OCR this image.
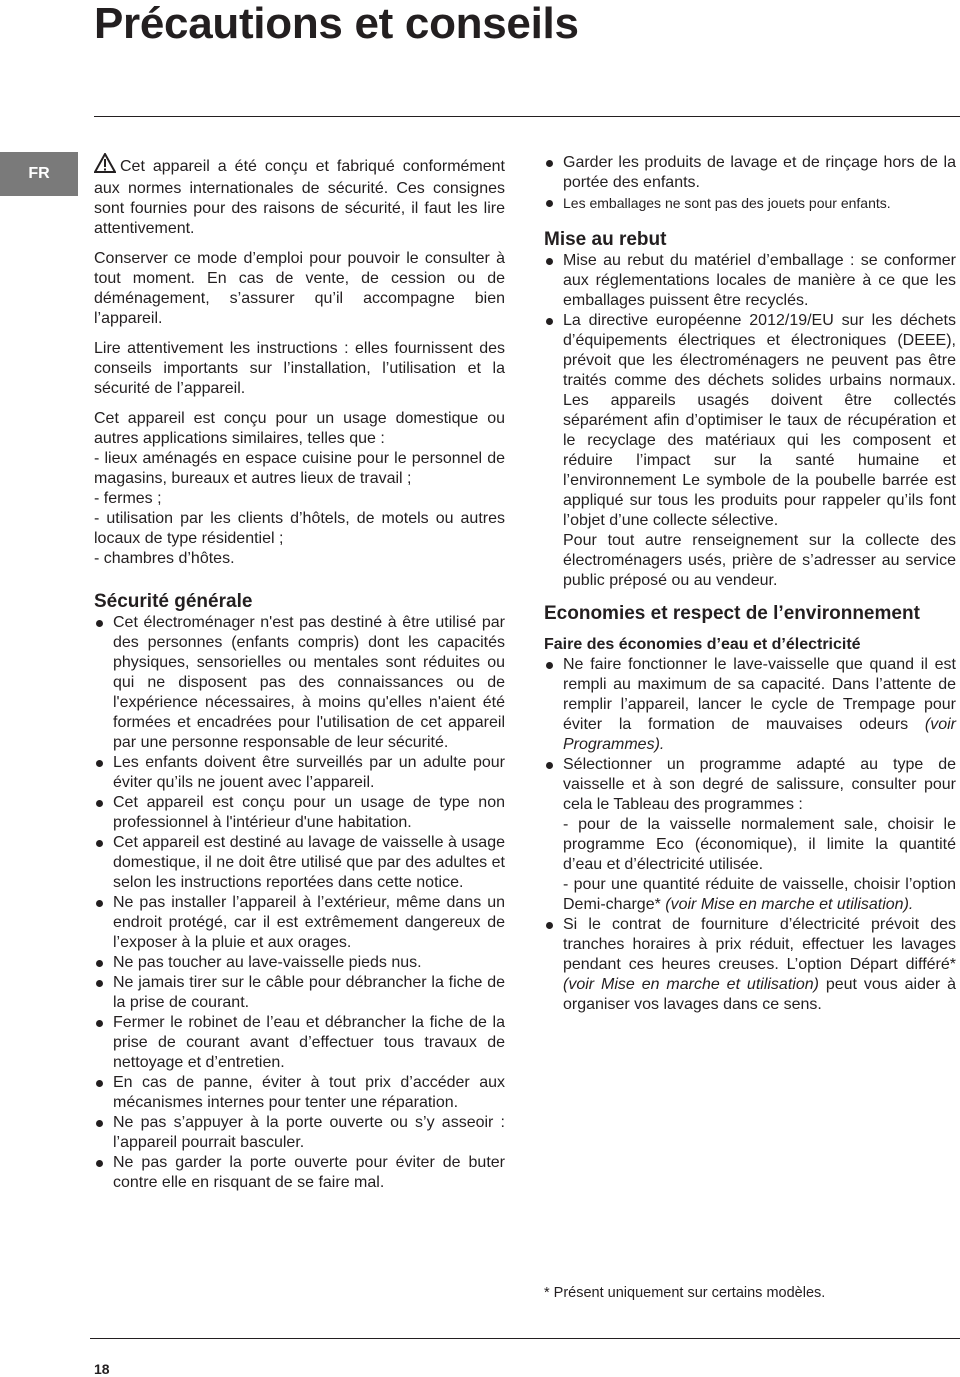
Précautions et conseils
FR	Cet appareil a été conçu et fabriqué conformément aux normes internationales de sécurité. Ces consignes sont fournies pour des raisons de sécurité, il faut les lire attentivement.

Conserver ce mode d’emploi pour pouvoir le consulter à tout moment. En cas de vente, de cession ou de déménagement, s’assurer qu’il accompagne bien l’appareil.

Lire attentivement les instructions : elles fournissent des conseils importants sur l’installation, l’utilisation et la sécurité de l’appareil.

Cet appareil est conçu pour un usage domestique ou autres applications similaires, telles que :

- lieux aménagés en espace cuisine pour le personnel de magasins, bureaux et autres lieux de travail ;

- fermes ;

- utilisation par les clients d’hôtels, de motels ou autres locaux de type résidentiel ;

- chambres d’hôtes.

Sécurité générale
Cet électroménager n'est pas destiné à être utilisé par des personnes (enfants compris) dont les capacités physiques, sensorielles ou mentales sont réduites ou qui ne disposent pas des connaissances ou de l'expérience nécessaires, à moins qu'elles n'aient été formées et encadrées pour l'utilisation de cet appareil par une personne responsable de leur sécurité.
Les enfants doivent être surveillés par un adulte pour éviter qu’ils ne jouent avec l’appareil.
Cet appareil est conçu pour un usage de type non professionnel à l'intérieur d'une habitation.
Cet appareil est destiné au lavage de vaisselle à usage domestique, il ne doit être utilisé que par des adultes et selon les instructions reportées dans cette notice.
Ne pas installer l’appareil à l’extérieur, même dans un endroit protégé, car il est extrêmement dangereux de l’exposer à la pluie et aux orages.
Ne pas toucher au lave-vaisselle pieds nus.
Ne jamais tirer sur le câble pour débrancher la fiche de la prise de courant.
Fermer le robinet de l’eau et débrancher la fiche de la prise de courant avant d’effectuer tous travaux de nettoyage et d’entretien.
En cas de panne, éviter à tout prix d’accéder aux mécanismes internes pour tenter une réparation.
Ne pas s’appuyer à la porte ouverte ou s’y asseoir : l’appareil pourrait basculer.
Ne pas garder la porte ouverte pour éviter de buter contre elle en risquant de se faire mal.
Garder les produits de lavage et de rinçage hors de la portée des enfants.
Les emballages ne sont pas des jouets pour enfants.
Mise au rebut
Mise au rebut du matériel d’emballage : se conformer aux réglementations locales de manière à ce que les emballages puissent être recyclés.
La directive européenne 2012/19/EU sur les déchets d’équipements électriques et électroniques (DEEE), prévoit que les électroménagers ne peuvent pas être traités comme des déchets solides urbains normaux. Les appareils usagés doivent être collectés séparément afin d’optimiser le taux de récupération et le recyclage des matériaux qui les composent et réduire l’impact sur la santé humaine et l’environnement Le symbole de la poubelle barrée est appliqué sur tous les produits pour rappeler qu’ils font l’objet d’une collecte sélective.
Pour tout autre renseignement sur la collecte des électroménagers usés, prière de s’adresser au service public préposé ou au vendeur.
Economies et respect de l’environnement
Faire des économies d’eau et d’électricité
Ne faire fonctionner le lave-vaisselle que quand il est rempli au maximum de sa capacité. Dans l’attente de remplir l’appareil, lancer le cycle de Trempage pour éviter la formation de mauvaises odeurs (voir Programmes).
Sélectionner un programme adapté au type de vaisselle et à son degré de salissure, consulter pour cela le Tableau des programmes :
- pour de la vaisselle normalement sale, choisir le programme Eco (économique), il limite la quantité d’eau et d’électricité utilisée.
- pour une quantité réduite de vaisselle, choisir l’option Demi-charge* (voir Mise en marche et utilisation).
Si le contrat de fourniture d’électricité prévoit des tranches horaires à prix réduit, effectuer les lavages pendant ces heures creuses. L’option Départ différé* (voir Mise en marche et utilisation) peut vous aider à organiser vos lavages dans ce sens.
* Présent uniquement sur certains modèles.
18
